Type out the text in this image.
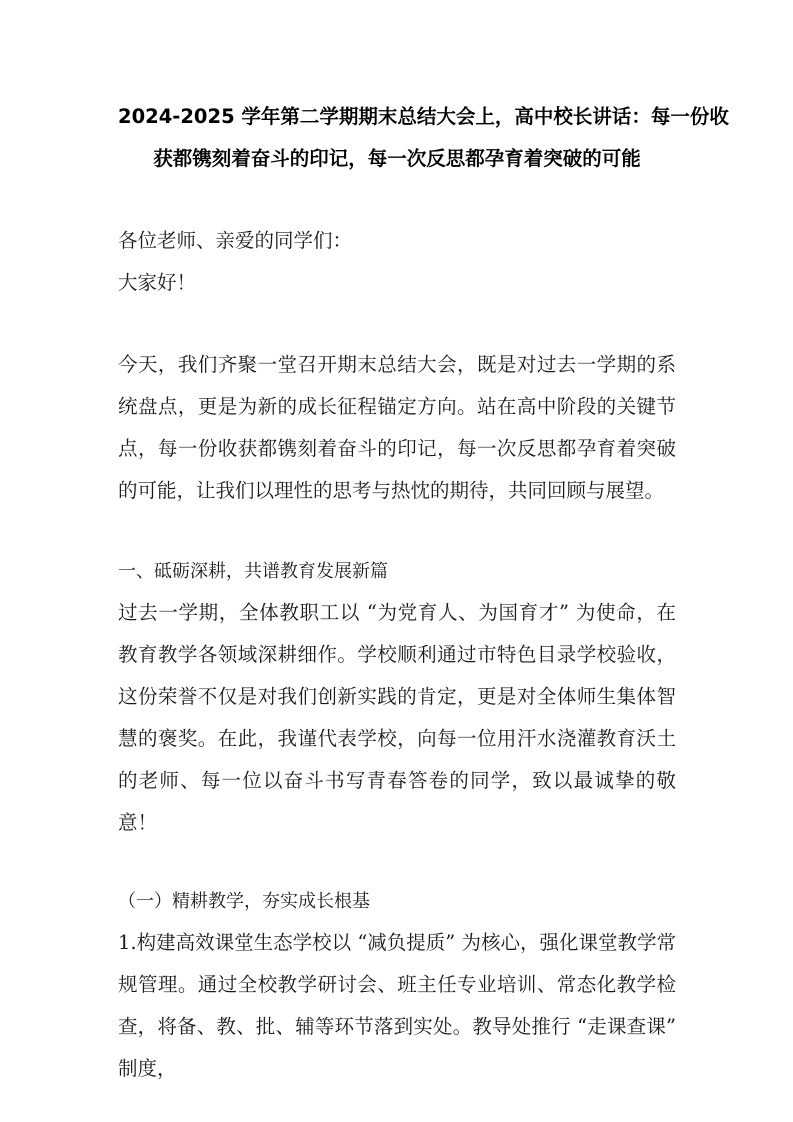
2024-2025 学年第二学期期末总结大会上，高中校长讲话：每一份收
获都镌刻着奋斗的印记，每一次反思都孕育着突破的可能

各位老师、亲爱的同学们：

大家好！

今天，我们齐聚一堂召开期末总结大会，既是对过去一学期的系统盘点，更是为新的成长征程锚定方向。站在高中阶段的关键节点，每一份收获都镌刻着奋斗的印记，每一次反思都孕育着突破的可能，让我们以理性的思考与热忱的期待，共同回顾与展望。

一、砥砺深耕，共谱教育发展新篇

过去一学期，全体教职工以 “为党育人、为国育才” 为使命，在教育教学各领域深耕细作。学校顺利通过市特色目录学校验收，这份荣誉不仅是对我们创新实践的肯定，更是对全体师生集体智慧的褒奖。在此，我谨代表学校，向每一位用汗水浇灌教育沃土的老师、每一位以奋斗书写青春答卷的同学，致以最诚挚的敬意！

（一）精耕教学，夯实成长根基

1.构建高效课堂生态学校以 “减负提质” 为核心，强化课堂教学常规管理。通过全校教学研讨会、班主任专业培训、常态化教学检查，将备、教、批、辅等环节落到实处。教导处推行 “走课查课” 制度，
